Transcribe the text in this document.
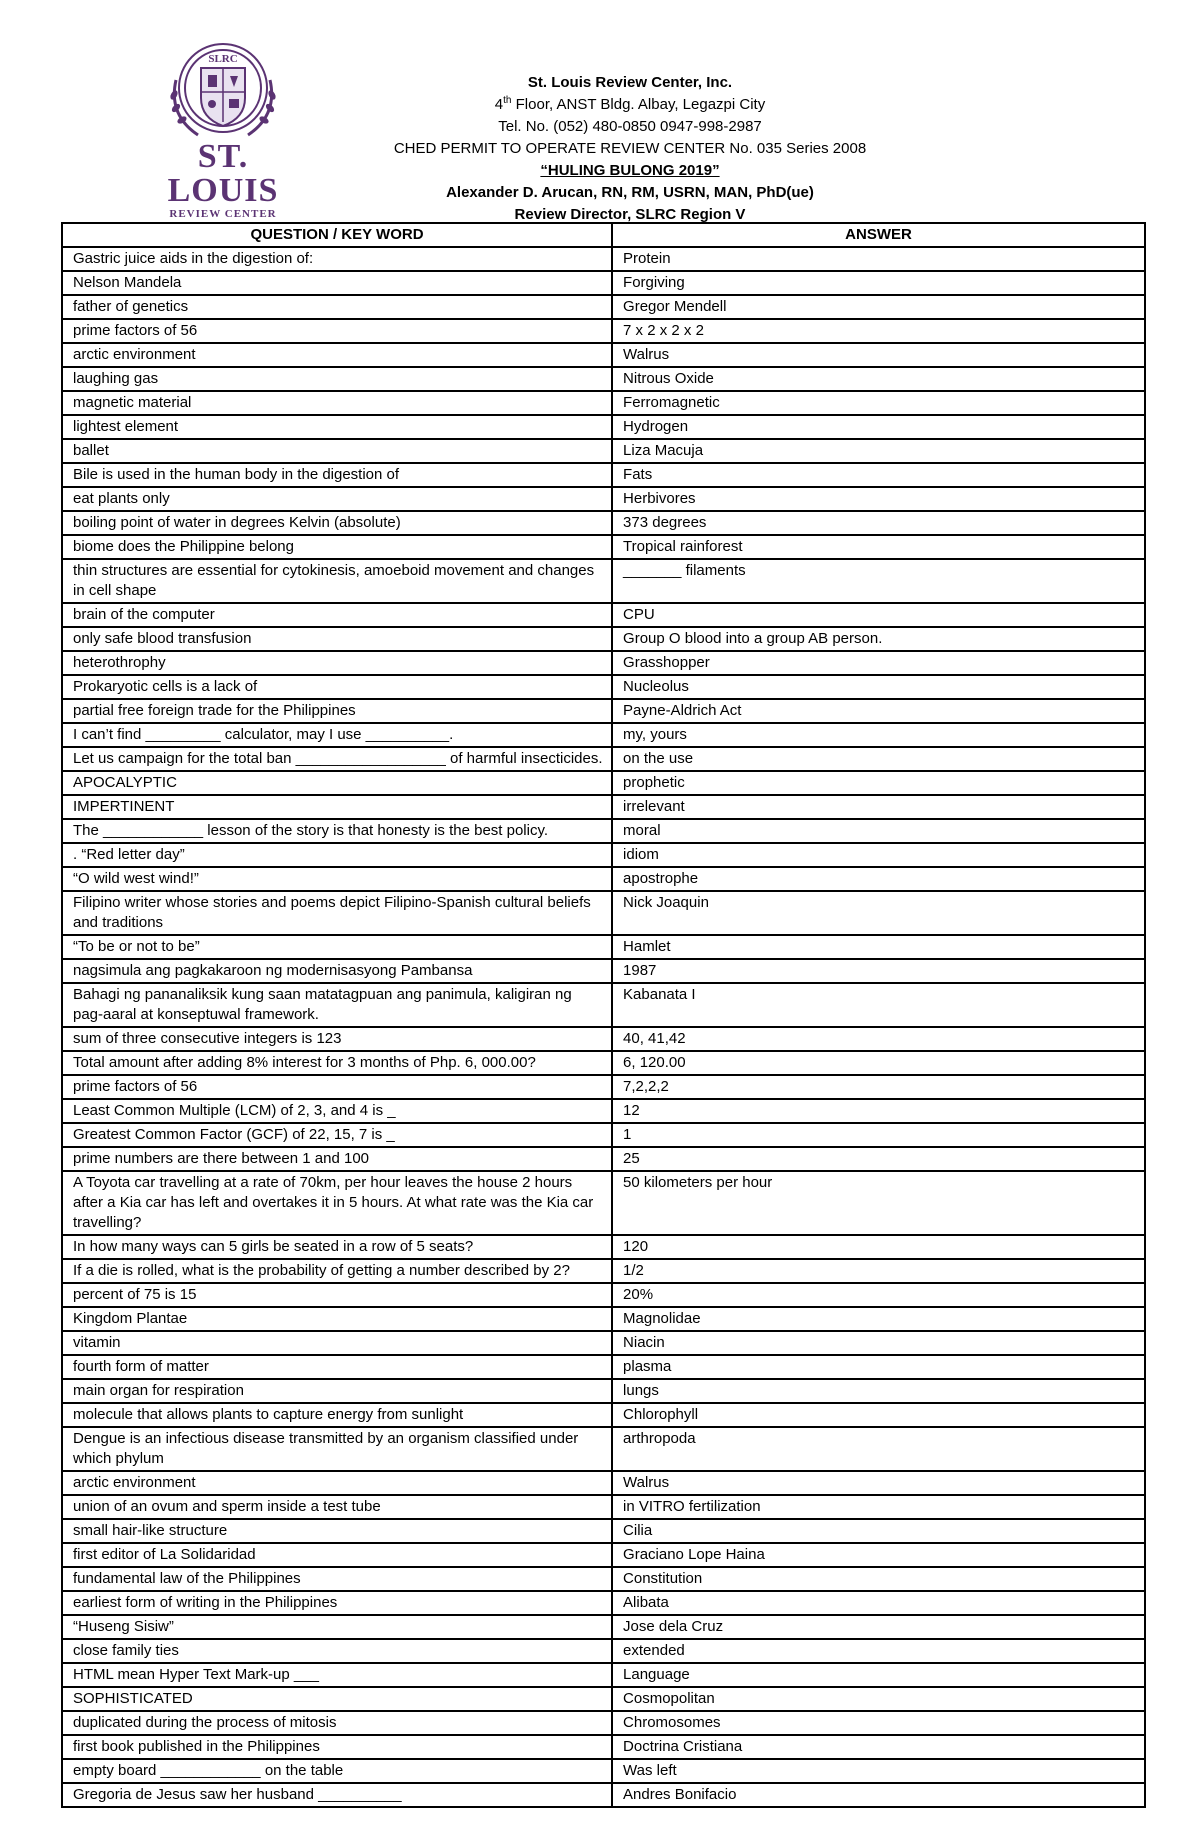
SLRC
ST. LOUIS
REVIEW CENTER
St. Louis Review Center, Inc.
4th Floor, ANST Bldg. Albay, Legazpi City
Tel. No. (052) 480-0850 0947-998-2987
CHED PERMIT TO OPERATE REVIEW CENTER No. 035 Series 2008
“HULING BULONG 2019”
Alexander D. Arucan, RN, RM, USRN, MAN, PhD(ue)
Review Director, SLRC Region V
QUESTION / KEY WORD	ANSWER
Gastric juice aids in the digestion of:	Protein
Nelson Mandela	Forgiving
father of genetics	Gregor Mendell
prime factors of 56	7 x 2 x 2 x 2
arctic environment	Walrus
laughing gas	Nitrous Oxide
magnetic material	Ferromagnetic
lightest element	Hydrogen
ballet	Liza Macuja
Bile is used in the human body in the digestion of	Fats
eat plants only	Herbivores
boiling point of water in degrees Kelvin (absolute)	373 degrees
biome does the Philippine belong	Tropical rainforest
thin structures are essential for cytokinesis, amoeboid movement and changes in cell shape	_______ filaments
brain of the computer	CPU
only safe blood transfusion	Group O blood into a group AB person.
heterothrophy	Grasshopper
Prokaryotic cells is a lack of	Nucleolus
partial free foreign trade for the Philippines	Payne-Aldrich Act
I can’t find _________ calculator, may I use __________.	my, yours
Let us campaign for the total ban __________________ of harmful insecticides.	on the use
APOCALYPTIC	prophetic
IMPERTINENT	irrelevant
The ____________ lesson of the story is that honesty is the best policy.	moral
. “Red letter day”	idiom
“O wild west wind!”	apostrophe
Filipino writer whose stories and poems depict Filipino-Spanish cultural beliefs and traditions	Nick Joaquin
“To be or not to be”	Hamlet
nagsimula ang pagkakaroon ng modernisasyong Pambansa	1987
Bahagi ng pananaliksik kung saan matatagpuan ang panimula, kaligiran ng pag-aaral at konseptuwal framework.	Kabanata I
sum of three consecutive integers is 123	40, 41,42
Total amount after adding 8% interest for 3 months of Php. 6, 000.00?	6, 120.00
prime factors of 56	7,2,2,2
Least Common Multiple (LCM) of 2, 3, and 4 is _	12
Greatest Common Factor (GCF) of 22, 15, 7 is _	1
prime numbers are there between 1 and 100	25
A Toyota car travelling at a rate of 70km, per hour leaves the house 2 hours after a Kia car has left and overtakes it in 5 hours. At what rate was the Kia car travelling?	50 kilometers per hour
In how many ways can 5 girls be seated in a row of 5 seats?	120
If a die is rolled, what is the probability of getting a number described by 2?	1/2
percent of 75 is 15	20%
Kingdom Plantae	Magnolidae
vitamin	Niacin
fourth form of matter	plasma
main organ for respiration	lungs
molecule that allows plants to capture energy from sunlight	Chlorophyll
Dengue is an infectious disease transmitted by an organism classified under which phylum	arthropoda
arctic environment	Walrus
union of an ovum and sperm inside a test tube	in VITRO fertilization
small hair-like structure	Cilia
first editor of La Solidaridad	Graciano Lope Haina
fundamental law of the Philippines	Constitution
earliest form of writing in the Philippines	Alibata
“Huseng Sisiw”	Jose dela Cruz
close family ties	extended
HTML mean Hyper Text Mark-up ___	Language
SOPHISTICATED	Cosmopolitan
duplicated during the process of mitosis	Chromosomes
first book published in the Philippines	Doctrina Cristiana
empty board ____________ on the table	Was left
Gregoria de Jesus saw her husband __________	Andres Bonifacio
